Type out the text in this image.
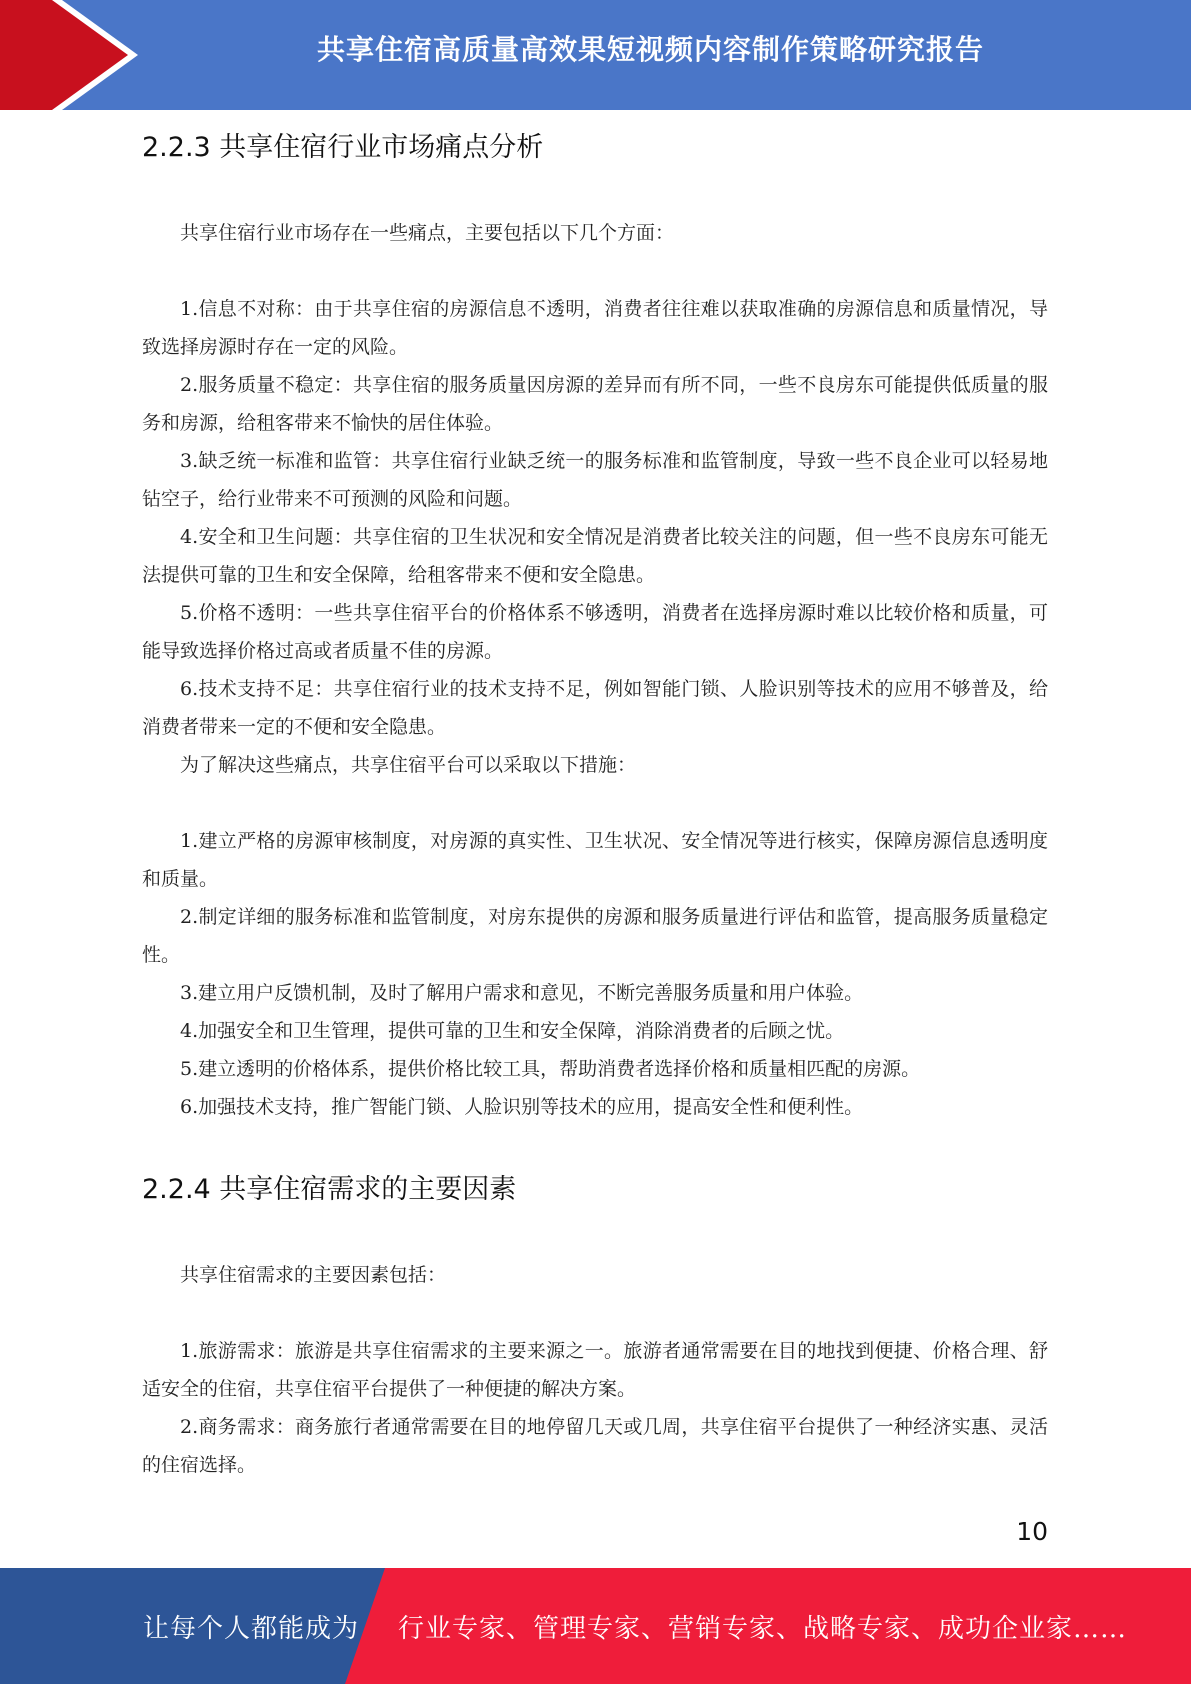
共享住宿高质量高效果短视频内容制作策略研究报告
2.2.3 共享住宿行业市场痛点分析

共享住宿行业市场存在一些痛点，主要包括以下几个方面：

1.信息不对称：由于共享住宿的房源信息不透明，消费者往往难以获取准确的房源信息和质量情况，导致选择房源时存在一定的风险。

2.服务质量不稳定：共享住宿的服务质量因房源的差异而有所不同，一些不良房东可能提供低质量的服务和房源，给租客带来不愉快的居住体验。

3.缺乏统一标准和监管：共享住宿行业缺乏统一的服务标准和监管制度，导致一些不良企业可以轻易地钻空子，给行业带来不可预测的风险和问题。

4.安全和卫生问题：共享住宿的卫生状况和安全情况是消费者比较关注的问题，但一些不良房东可能无法提供可靠的卫生和安全保障，给租客带来不便和安全隐患。

5.价格不透明：一些共享住宿平台的价格体系不够透明，消费者在选择房源时难以比较价格和质量，可能导致选择价格过高或者质量不佳的房源。

6.技术支持不足：共享住宿行业的技术支持不足，例如智能门锁、人脸识别等技术的应用不够普及，给消费者带来一定的不便和安全隐患。

为了解决这些痛点，共享住宿平台可以采取以下措施：

1.建立严格的房源审核制度，对房源的真实性、卫生状况、安全情况等进行核实，保障房源信息透明度和质量。

2.制定详细的服务标准和监管制度，对房东提供的房源和服务质量进行评估和监管，提高服务质量稳定性。

3.建立用户反馈机制，及时了解用户需求和意见，不断完善服务质量和用户体验。

4.加强安全和卫生管理，提供可靠的卫生和安全保障，消除消费者的后顾之忧。

5.建立透明的价格体系，提供价格比较工具，帮助消费者选择价格和质量相匹配的房源。

6.加强技术支持，推广智能门锁、人脸识别等技术的应用，提高安全性和便利性。

2.2.4 共享住宿需求的主要因素

共享住宿需求的主要因素包括：

1.旅游需求：旅游是共享住宿需求的主要来源之一。旅游者通常需要在目的地找到便捷、价格合理、舒适安全的住宿，共享住宿平台提供了一种便捷的解决方案。

2.商务需求：商务旅行者通常需要在目的地停留几天或几周，共享住宿平台提供了一种经济实惠、灵活的住宿选择。

10
让每个人都能成为 行业专家、管理专家、营销专家、战略专家、成功企业家……
